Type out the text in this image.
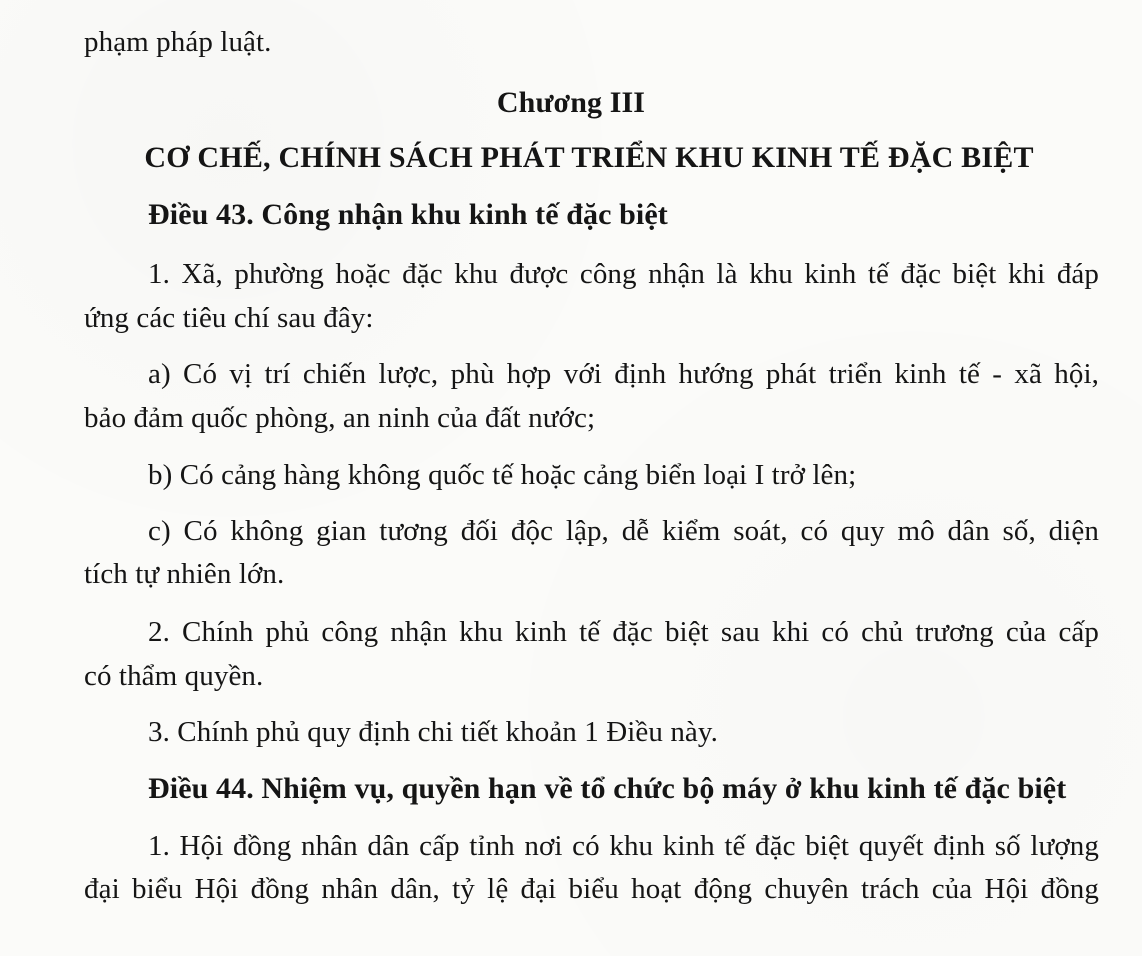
phạm pháp luật.

Chương III

CƠ CHẾ, CHÍNH SÁCH PHÁT TRIỂN KHU KINH TẾ ĐẶC BIỆT

Điều 43. Công nhận khu kinh tế đặc biệt

1. Xã, phường hoặc đặc khu được công nhận là khu kinh tế đặc biệt khi đáp

ứng các tiêu chí sau đây:

a) Có vị trí chiến lược, phù hợp với định hướng phát triển kinh tế - xã hội,

bảo đảm quốc phòng, an ninh của đất nước;

b) Có cảng hàng không quốc tế hoặc cảng biển loại I trở lên;

c) Có không gian tương đối độc lập, dễ kiểm soát, có quy mô dân số, diện

tích tự nhiên lớn.

2. Chính phủ công nhận khu kinh tế đặc biệt sau khi có chủ trương của cấp

có thẩm quyền.

3. Chính phủ quy định chi tiết khoản 1 Điều này.

Điều 44. Nhiệm vụ, quyền hạn về tổ chức bộ máy ở khu kinh tế đặc biệt

1. Hội đồng nhân dân cấp tỉnh nơi có khu kinh tế đặc biệt quyết định số lượng

đại biểu Hội đồng nhân dân, tỷ lệ đại biểu hoạt động chuyên trách của Hội đồng
